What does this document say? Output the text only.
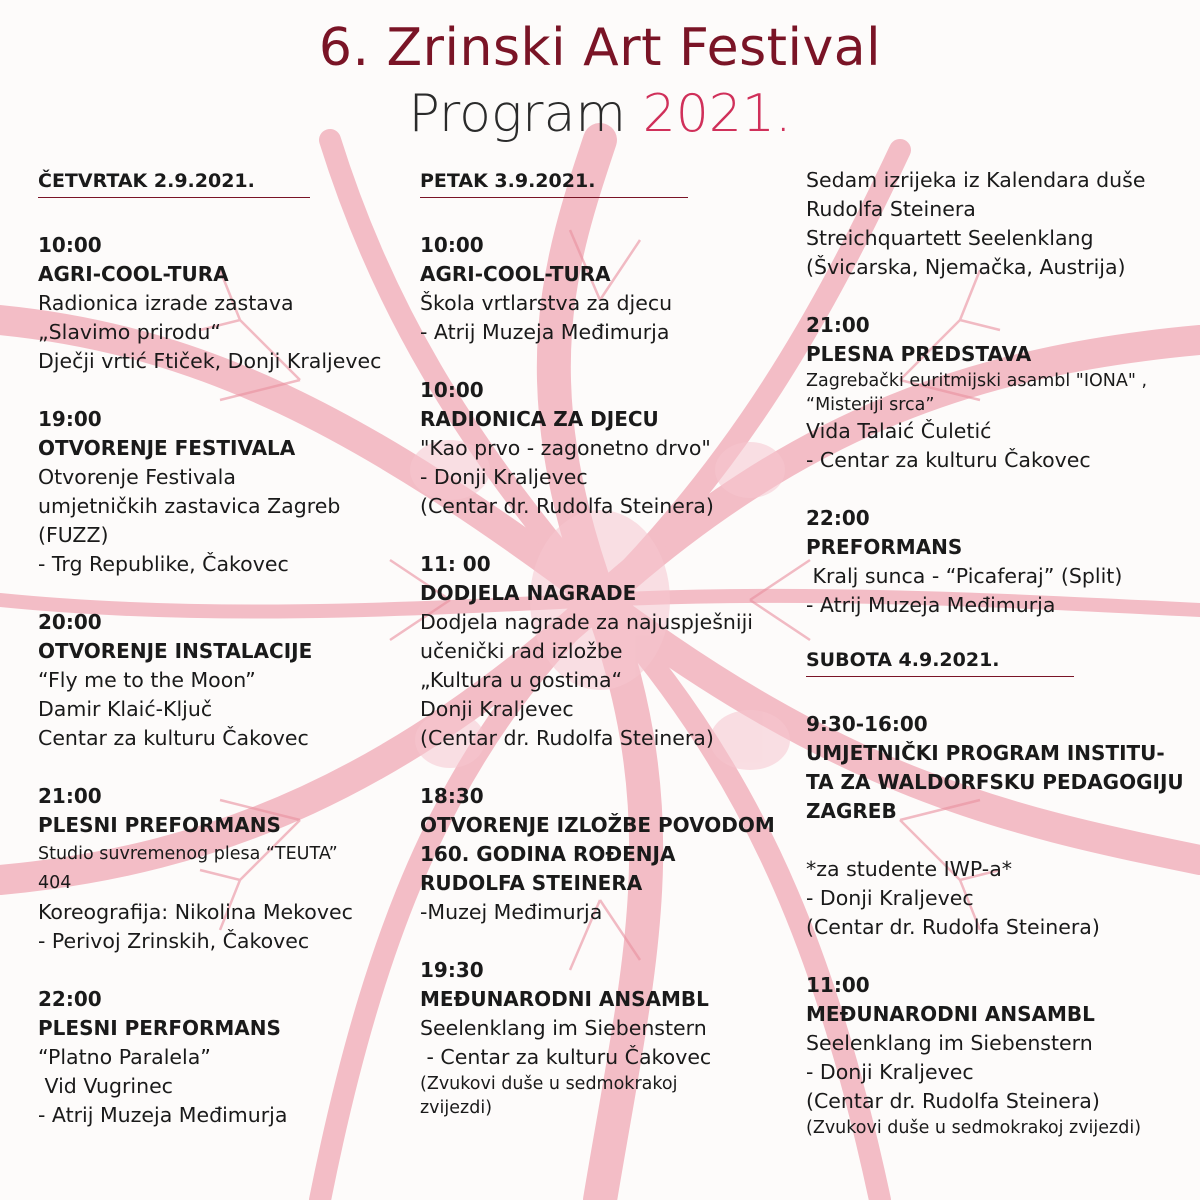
6. Zrinski Art Festival
Program 2021.
ČETVRTAK 2.9.2021.
10:00
AGRI-COOL-TURA
Radionica izrade zastava
„Slavimo prirodu“
Dječji vrtić Ftiček, Donji Kraljevec
19:00
OTVORENJE FESTIVALA
Otvorenje Festivala
umjetničkih zastavica Zagreb
(FUZZ)
- Trg Republike, Čakovec
20:00
OTVORENJE INSTALACIJE
“Fly me to the Moon”
Damir Klaić-Ključ
Centar za kulturu Čakovec
21:00
PLESNI PREFORMANS
Studio suvremenog plesa “TEUTA”
404
Koreografija: Nikolina Mekovec
- Perivoj Zrinskih, Čakovec
22:00
PLESNI PERFORMANS
“Platno Paralela”
Vid Vugrinec
- Atrij Muzeja Međimurja
PETAK 3.9.2021.
10:00
AGRI-COOL-TURA
Škola vrtlarstva za djecu
- Atrij Muzeja Međimurja
10:00
RADIONICA ZA DJECU
"Kao prvo - zagonetno drvo"
- Donji Kraljevec
(Centar dr. Rudolfa Steinera)
11: 00
DODJELA NAGRADE
Dodjela nagrade za najuspješniji
učenički rad izložbe
„Kultura u gostima“
Donji Kraljevec
(Centar dr. Rudolfa Steinera)
18:30
OTVORENJE IZLOŽBE POVODOM
160. GODINA ROĐENJA
RUDOLFA STEINERA
-Muzej Međimurja
19:30
MEĐUNARODNI ANSAMBL
Seelenklang im Siebenstern
- Centar za kulturu Čakovec
(Zvukovi duše u sedmokrakoj
zvijezdi)
Sedam izrijeka iz Kalendara duše
Rudolfa Steinera
Streichquartett Seelenklang
(Švicarska, Njemačka, Austrija)
21:00
PLESNA PREDSTAVA
Zagrebački euritmijski asambl "IONA" ,
“Misteriji srca”
Vida Talaić Čuletić
- Centar za kulturu Čakovec
22:00
PREFORMANS
Kralj sunca - “Picaferaj” (Split)
- Atrij Muzeja Međimurja
SUBOTA 4.9.2021.
9:30-16:00
UMJETNIČKI PROGRAM INSTITU-
TA ZA WALDORFSKU PEDAGOGIJU
ZAGREB
*za studente IWP-a*
- Donji Kraljevec
(Centar dr. Rudolfa Steinera)
11:00
MEĐUNARODNI ANSAMBL
Seelenklang im Siebenstern
- Donji Kraljevec
(Centar dr. Rudolfa Steinera)
(Zvukovi duše u sedmokrakoj zvijezdi)
